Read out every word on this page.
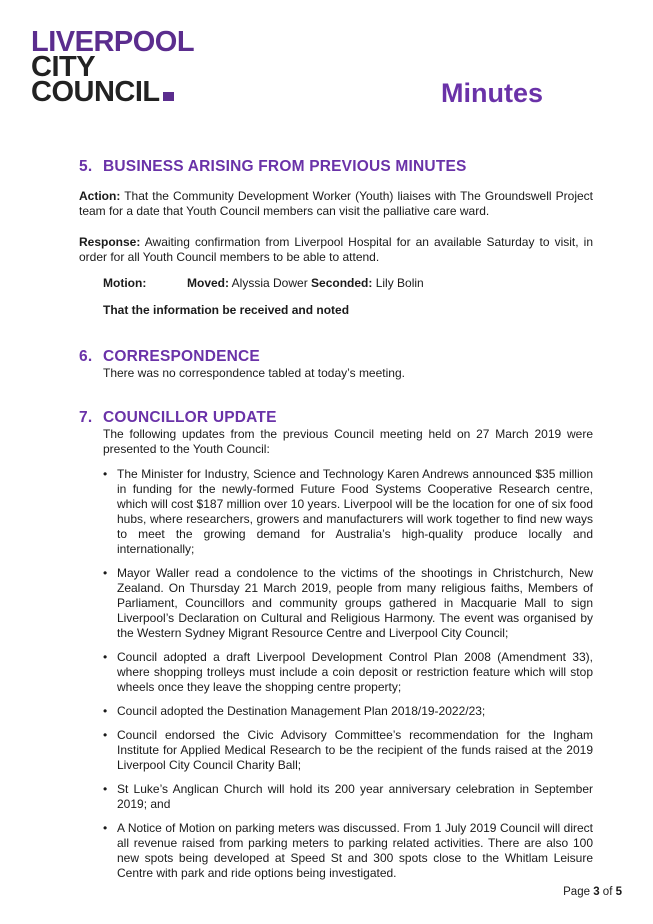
LIVERPOOL
CITY
COUNCIL	Minutes
5. BUSINESS ARISING FROM PREVIOUS MINUTES

Action: That the Community Development Worker (Youth) liaises with The Groundswell Project team for a date that Youth Council members can visit the palliative care ward.

Response: Awaiting confirmation from Liverpool Hospital for an available Saturday to visit, in order for all Youth Council members to be able to attend.

Motion:	Moved: Alyssia Dower Seconded: Lily Bolin

That the information be received and noted

6. CORRESPONDENCE

There was no correspondence tabled at today’s meeting.

7. COUNCILLOR UPDATE

The following updates from the previous Council meeting held on 27 March 2019 were presented to the Youth Council:

• The Minister for Industry, Science and Technology Karen Andrews announced $35 million in funding for the newly-formed Future Food Systems Cooperative Research centre, which will cost $187 million over 10 years. Liverpool will be the location for one of six food hubs, where researchers, growers and manufacturers will work together to find new ways to meet the growing demand for Australia’s high-quality produce locally and internationally;
• Mayor Waller read a condolence to the victims of the shootings in Christchurch, New Zealand. On Thursday 21 March 2019, people from many religious faiths, Members of Parliament, Councillors and community groups gathered in Macquarie Mall to sign Liverpool’s Declaration on Cultural and Religious Harmony. The event was organised by the Western Sydney Migrant Resource Centre and Liverpool City Council;
• Council adopted a draft Liverpool Development Control Plan 2008 (Amendment 33), where shopping trolleys must include a coin deposit or restriction feature which will stop wheels once they leave the shopping centre property;
• Council adopted the Destination Management Plan 2018/19-2022/23;
• Council endorsed the Civic Advisory Committee’s recommendation for the Ingham Institute for Applied Medical Research to be the recipient of the funds raised at the 2019 Liverpool City Council Charity Ball;
• St Luke’s Anglican Church will hold its 200 year anniversary celebration in September 2019; and
• A Notice of Motion on parking meters was discussed. From 1 July 2019 Council will direct all revenue raised from parking meters to parking related activities. There are also 100 new spots being developed at Speed St and 300 spots close to the Whitlam Leisure Centre with park and ride options being investigated.
Page 3 of 5
